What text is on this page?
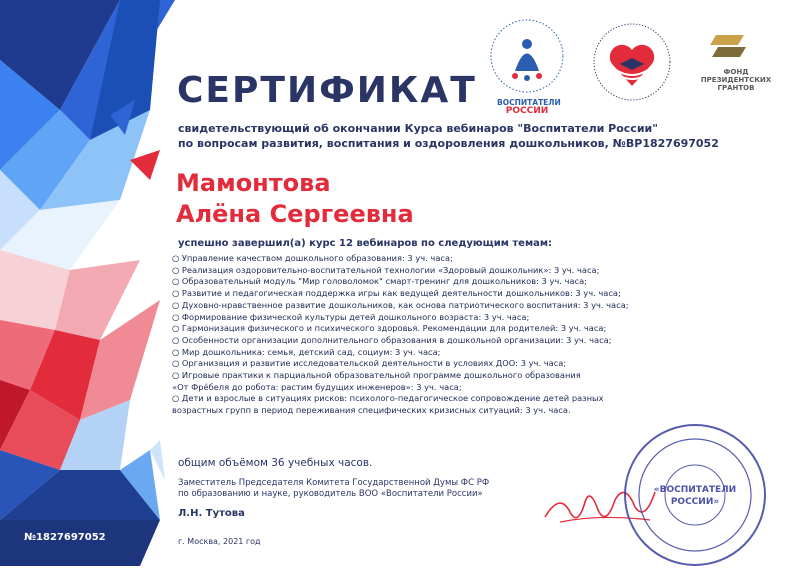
ВОСПИТАТЕЛИ
РОССИИ
ФОНД
ПРЕЗИДЕНТСКИХ
ГРАНТОВ
СЕРТИФИКАТ
свидетельствующий об окончании Курса вебинаров "Воспитатели России"
по вопросам развития, воспитания и оздоровления дошкольников, №ВР1827697052
Мамонтова
Алёна Сергеевна
успешно завершил(а) курс 12 вебинаров по следующим темам:
○ Управление качеством дошкольного образования: 3 уч. часа;
○ Реализация оздоровительно-воспитательной технологии «Здоровый дошкольник»: 3 уч. часа;
○ Образовательный модуль "Мир головоломок" смарт-тренинг для дошкольников: 3 уч. часа;
○ Развитие и педагогическая поддержка игры как ведущей деятельности дошкольников: 3 уч. часа;
○ Духовно-нравственное развитие дошкольников, как основа патриотического воспитания: 3 уч. часа;
○ Формирование физической культуры детей дошкольного возраста: 3 уч. часа;
○ Гармонизация физического и психического здоровья. Рекомендации для родителей: 3 уч. часа;
○ Особенности организации дополнительного образования в дошкольной организации: 3 уч. часа;
○ Мир дошкольника: семья, детский сад, социум: 3 уч. часа;
○ Организация и развитие исследовательской деятельности в условиях ДОО: 3 уч. часа;
○ Игровые практики к парциальной образовательной программе дошкольного образования
«От Фрёбеля до робота: растим будущих инженеров»: 3 уч. часа;
○ Дети и взрослые в ситуациях рисков: психолого-педагогическое сопровождение детей разных
возрастных групп в период переживания специфических кризисных ситуаций: 3 уч. часа.
общим объёмом 36 учебных часов.
Заместитель Председателя Комитета Государственной Думы ФС РФ
по образованию и науке, руководитель ВОО «Воспитатели России»
Л.Н. Тутова
г. Москва, 2021 год
№1827697052
«ВОСПИТАТЕЛИ
РОССИИ»
